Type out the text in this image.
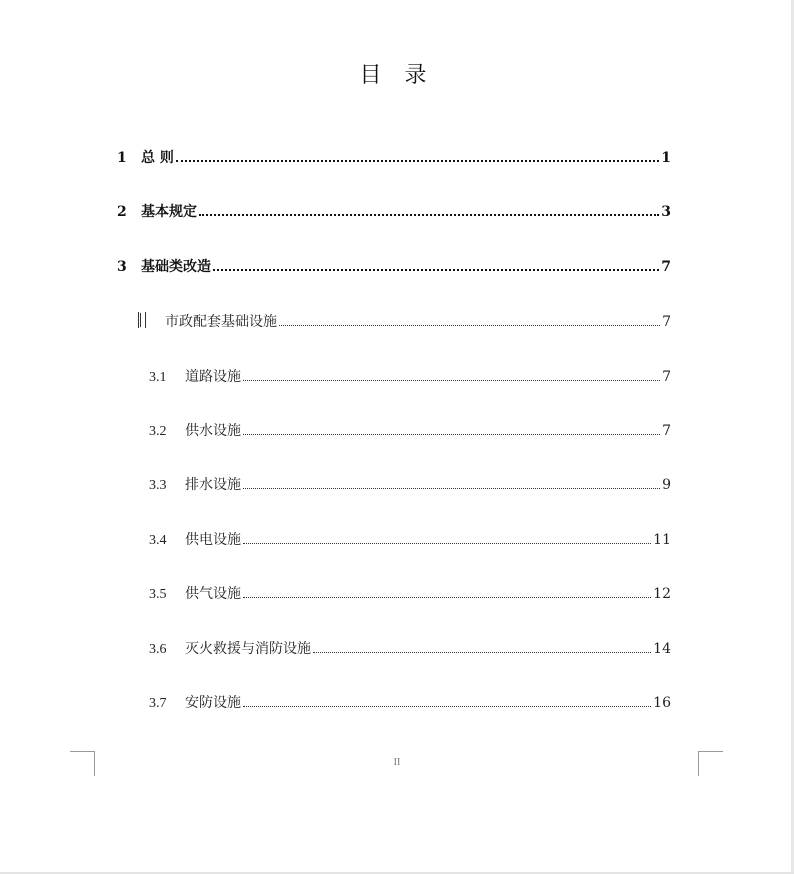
目 录
1	总 则	1
2	基本规定	3
3	基础类改造	7
市政配套基础设施	7
3.1	道路设施	7
3.2	供水设施	7
3.3	排水设施	9
3.4	供电设施	11
3.5	供气设施	12
3.6	灭火救援与消防设施	14
3.7	安防设施	16
II
